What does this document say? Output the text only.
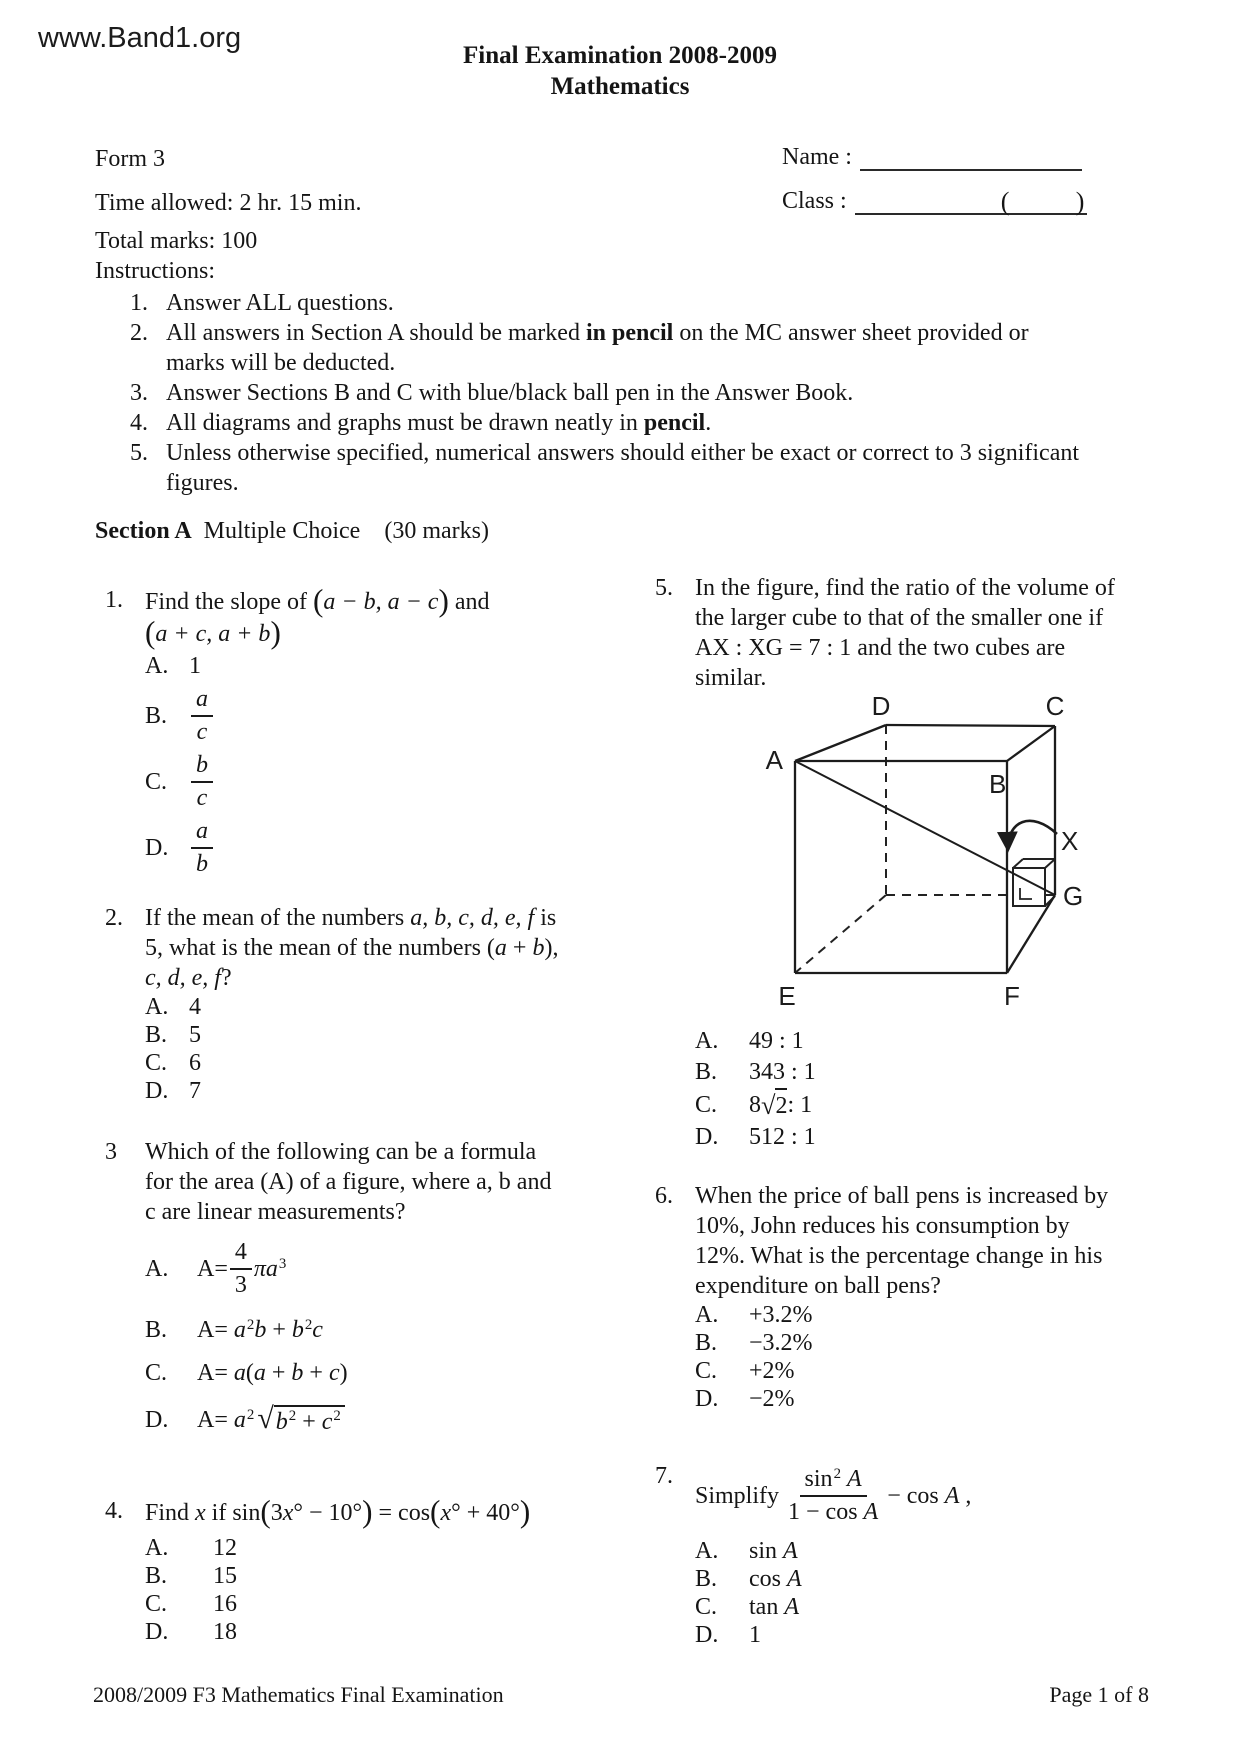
www.Band1.org
Final Examination 2008-2009
Mathematics
Form 3	Name :
Time allowed: 2 hr. 15 min.	Class :	(	)
Total marks: 100
Instructions:
1. Answer ALL questions.
2. All answers in Section A should be marked in pencil on the MC answer sheet provided or marks will be deducted.
3. Answer Sections B and C with blue/black ball pen in the Answer Book.
4. All diagrams and graphs must be drawn neatly in pencil.
5. Unless otherwise specified, numerical answers should either be exact or correct to 3 significant figures.
Section A Multiple Choice (30 marks)
1. Find the slope of (a − b, a − c) and
(a + c, a + b)
A. 1
B. $\frac{a}{c}$
C. $\frac{b}{c}$
D. $\frac{a}{b}$
2. If the mean of the numbers a, b, c, d, e, f is
5, what is the mean of the numbers (a + b),
c, d, e, f?
A. 4
B. 5
C. 6
D. 7
3	Which of the following can be a formula
for the area (A) of a figure, where a, b and
c are linear measurements?
A.	$A= \frac{4}{3} \pi a^3$
B.	$A= a^2b + b^2c$
C.	A= a(a + b + c)
D.	$A= a^2$ √ $b^2 + c^2$
4. Find x if sin(3x° − 10°) = cos(x° + 40°)
A.	12
B.	15
C.	16
D.	18
5. In the figure, find the ratio of the volume of
the larger cube to that of the smaller one if
AX : XG = 7 : 1 and the two cubes are
similar.
D	C
A
B
E	F
G
X
A.	49 : 1
B.	343 : 1
C.	8 √ 2 : 1
D.	512 : 1
6. When the price of ball pens is increased by
10%, John reduces his consumption by
12%. What is the percentage change in his
expenditure on ball pens?
A.	+3.2%
B.	−3.2%
C.	+2%
D.	−2%
7.
Simplify $\frac{\sin^2 A}{\text{1 − cos A}} - \cos A$ ,
A.	sin A
B.	cos A
C.	tan A
D.	1
2008/2009 F3 Mathematics Final Examination	Page 1 of 8
